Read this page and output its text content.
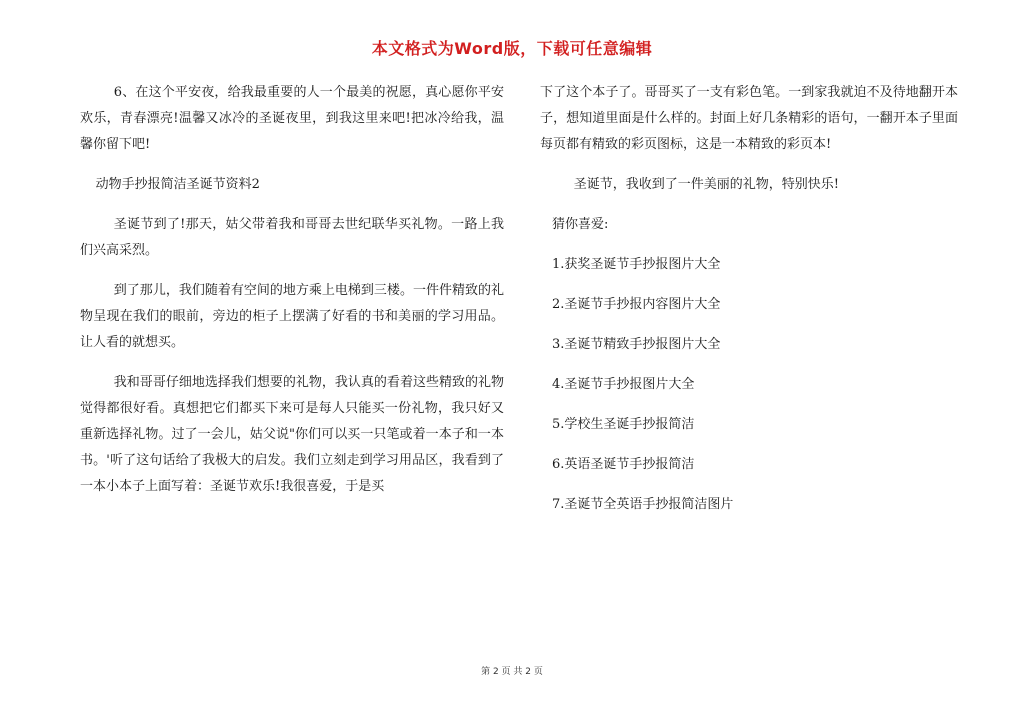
本文格式为Word版，下载可任意编辑

6、在这个平安夜，给我最重要的人一个最美的祝愿，真心愿你平安欢乐，青春漂亮!温馨又冰冷的圣诞夜里，到我这里来吧!把冰冷给我，温馨你留下吧!

动物手抄报简洁圣诞节资料2

圣诞节到了!那天，姑父带着我和哥哥去世纪联华买礼物。一路上我们兴高采烈。

到了那儿，我们随着有空间的地方乘上电梯到三楼。一件件精致的礼物呈现在我们的眼前，旁边的柜子上摆满了好看的书和美丽的学习用品。让人看的就想买。

我和哥哥仔细地选择我们想要的礼物，我认真的看着这些精致的礼物觉得都很好看。真想把它们都买下来可是每人只能买一份礼物，我只好又重新选择礼物。过了一会儿，姑父说"你们可以买一只笔或着一本子和一本书。'听了这句话给了我极大的启发。我们立刻走到学习用品区，我看到了一本小本子上面写着：圣诞节欢乐!我很喜爱，于是买

下了这个本子了。哥哥买了一支有彩色笔。一到家我就迫不及待地翻开本子，想知道里面是什么样的。封面上好几条精彩的语句，一翻开本子里面每页都有精致的彩页图标，这是一本精致的彩页本!

圣诞节，我收到了一件美丽的礼物，特别快乐!

猜你喜爱:

1.获奖圣诞节手抄报图片大全
2.圣诞节手抄报内容图片大全
3.圣诞节精致手抄报图片大全
4.圣诞节手抄报图片大全
5.学校生圣诞手抄报简洁
6.英语圣诞节手抄报简洁
7.圣诞节全英语手抄报简洁图片
第 2 页 共 2 页
